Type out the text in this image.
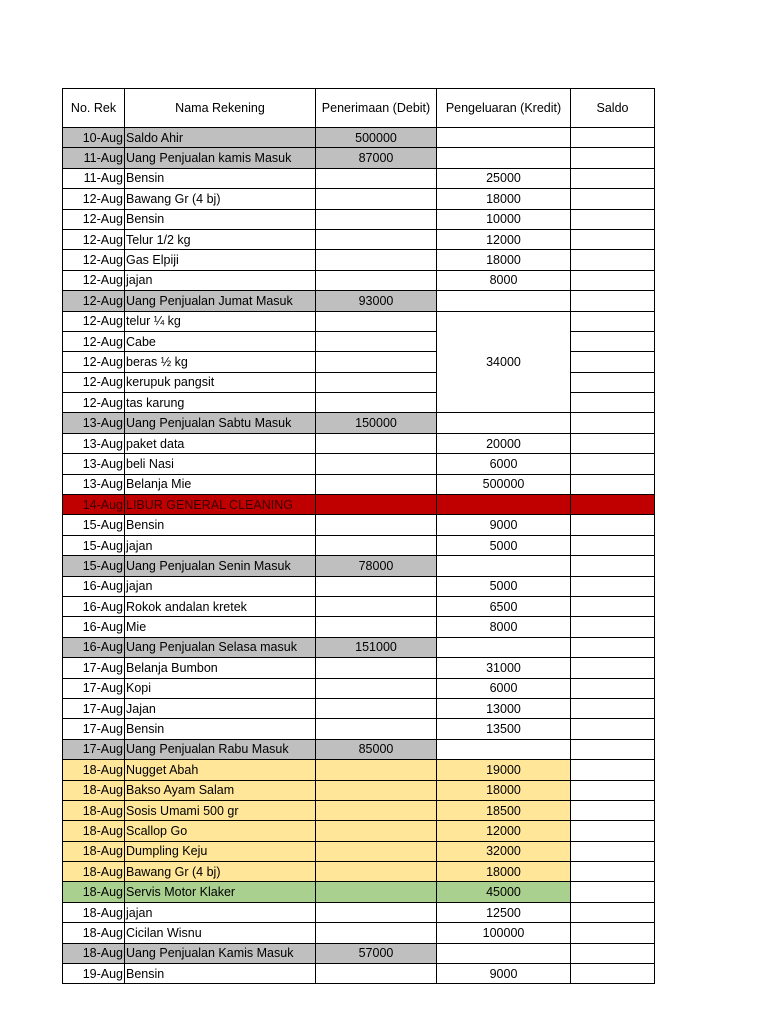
No. Rek	Nama Rekening	Penerimaan (Debit)	Pengeluaran (Kredit)	Saldo
10-Aug	Saldo Ahir	500000		
11-Aug	Uang Penjualan kamis Masuk	87000		
11-Aug	Bensin		25000	
12-Aug	Bawang Gr (4 bj)		18000	
12-Aug	Bensin		10000	
12-Aug	Telur 1/2 kg		12000	
12-Aug	Gas Elpiji		18000	
12-Aug	jajan		8000	
12-Aug	Uang Penjualan Jumat Masuk	93000		
12-Aug	telur ¼ kg		34000	
12-Aug	Cabe			
12-Aug	beras ½ kg			
12-Aug	kerupuk pangsit			
12-Aug	tas karung			
13-Aug	Uang Penjualan Sabtu Masuk	150000		
13-Aug	paket data		20000	
13-Aug	beli Nasi		6000	
13-Aug	Belanja Mie		500000	
14-Aug	LIBUR GENERAL CLEANING			
15-Aug	Bensin		9000	
15-Aug	jajan		5000	
15-Aug	Uang Penjualan Senin Masuk	78000		
16-Aug	jajan		5000	
16-Aug	Rokok andalan kretek		6500	
16-Aug	Mie		8000	
16-Aug	Uang Penjualan Selasa masuk	151000		
17-Aug	Belanja Bumbon		31000	
17-Aug	Kopi		6000	
17-Aug	Jajan		13000	
17-Aug	Bensin		13500	
17-Aug	Uang Penjualan Rabu Masuk	85000		
18-Aug	Nugget Abah		19000	
18-Aug	Bakso Ayam Salam		18000	
18-Aug	Sosis Umami 500 gr		18500	
18-Aug	Scallop Go		12000	
18-Aug	Dumpling Keju		32000	
18-Aug	Bawang Gr (4 bj)		18000	
18-Aug	Servis Motor Klaker		45000	
18-Aug	jajan		12500	
18-Aug	Cicilan Wisnu		100000	
18-Aug	Uang Penjualan Kamis Masuk	57000		
19-Aug	Bensin		9000	
